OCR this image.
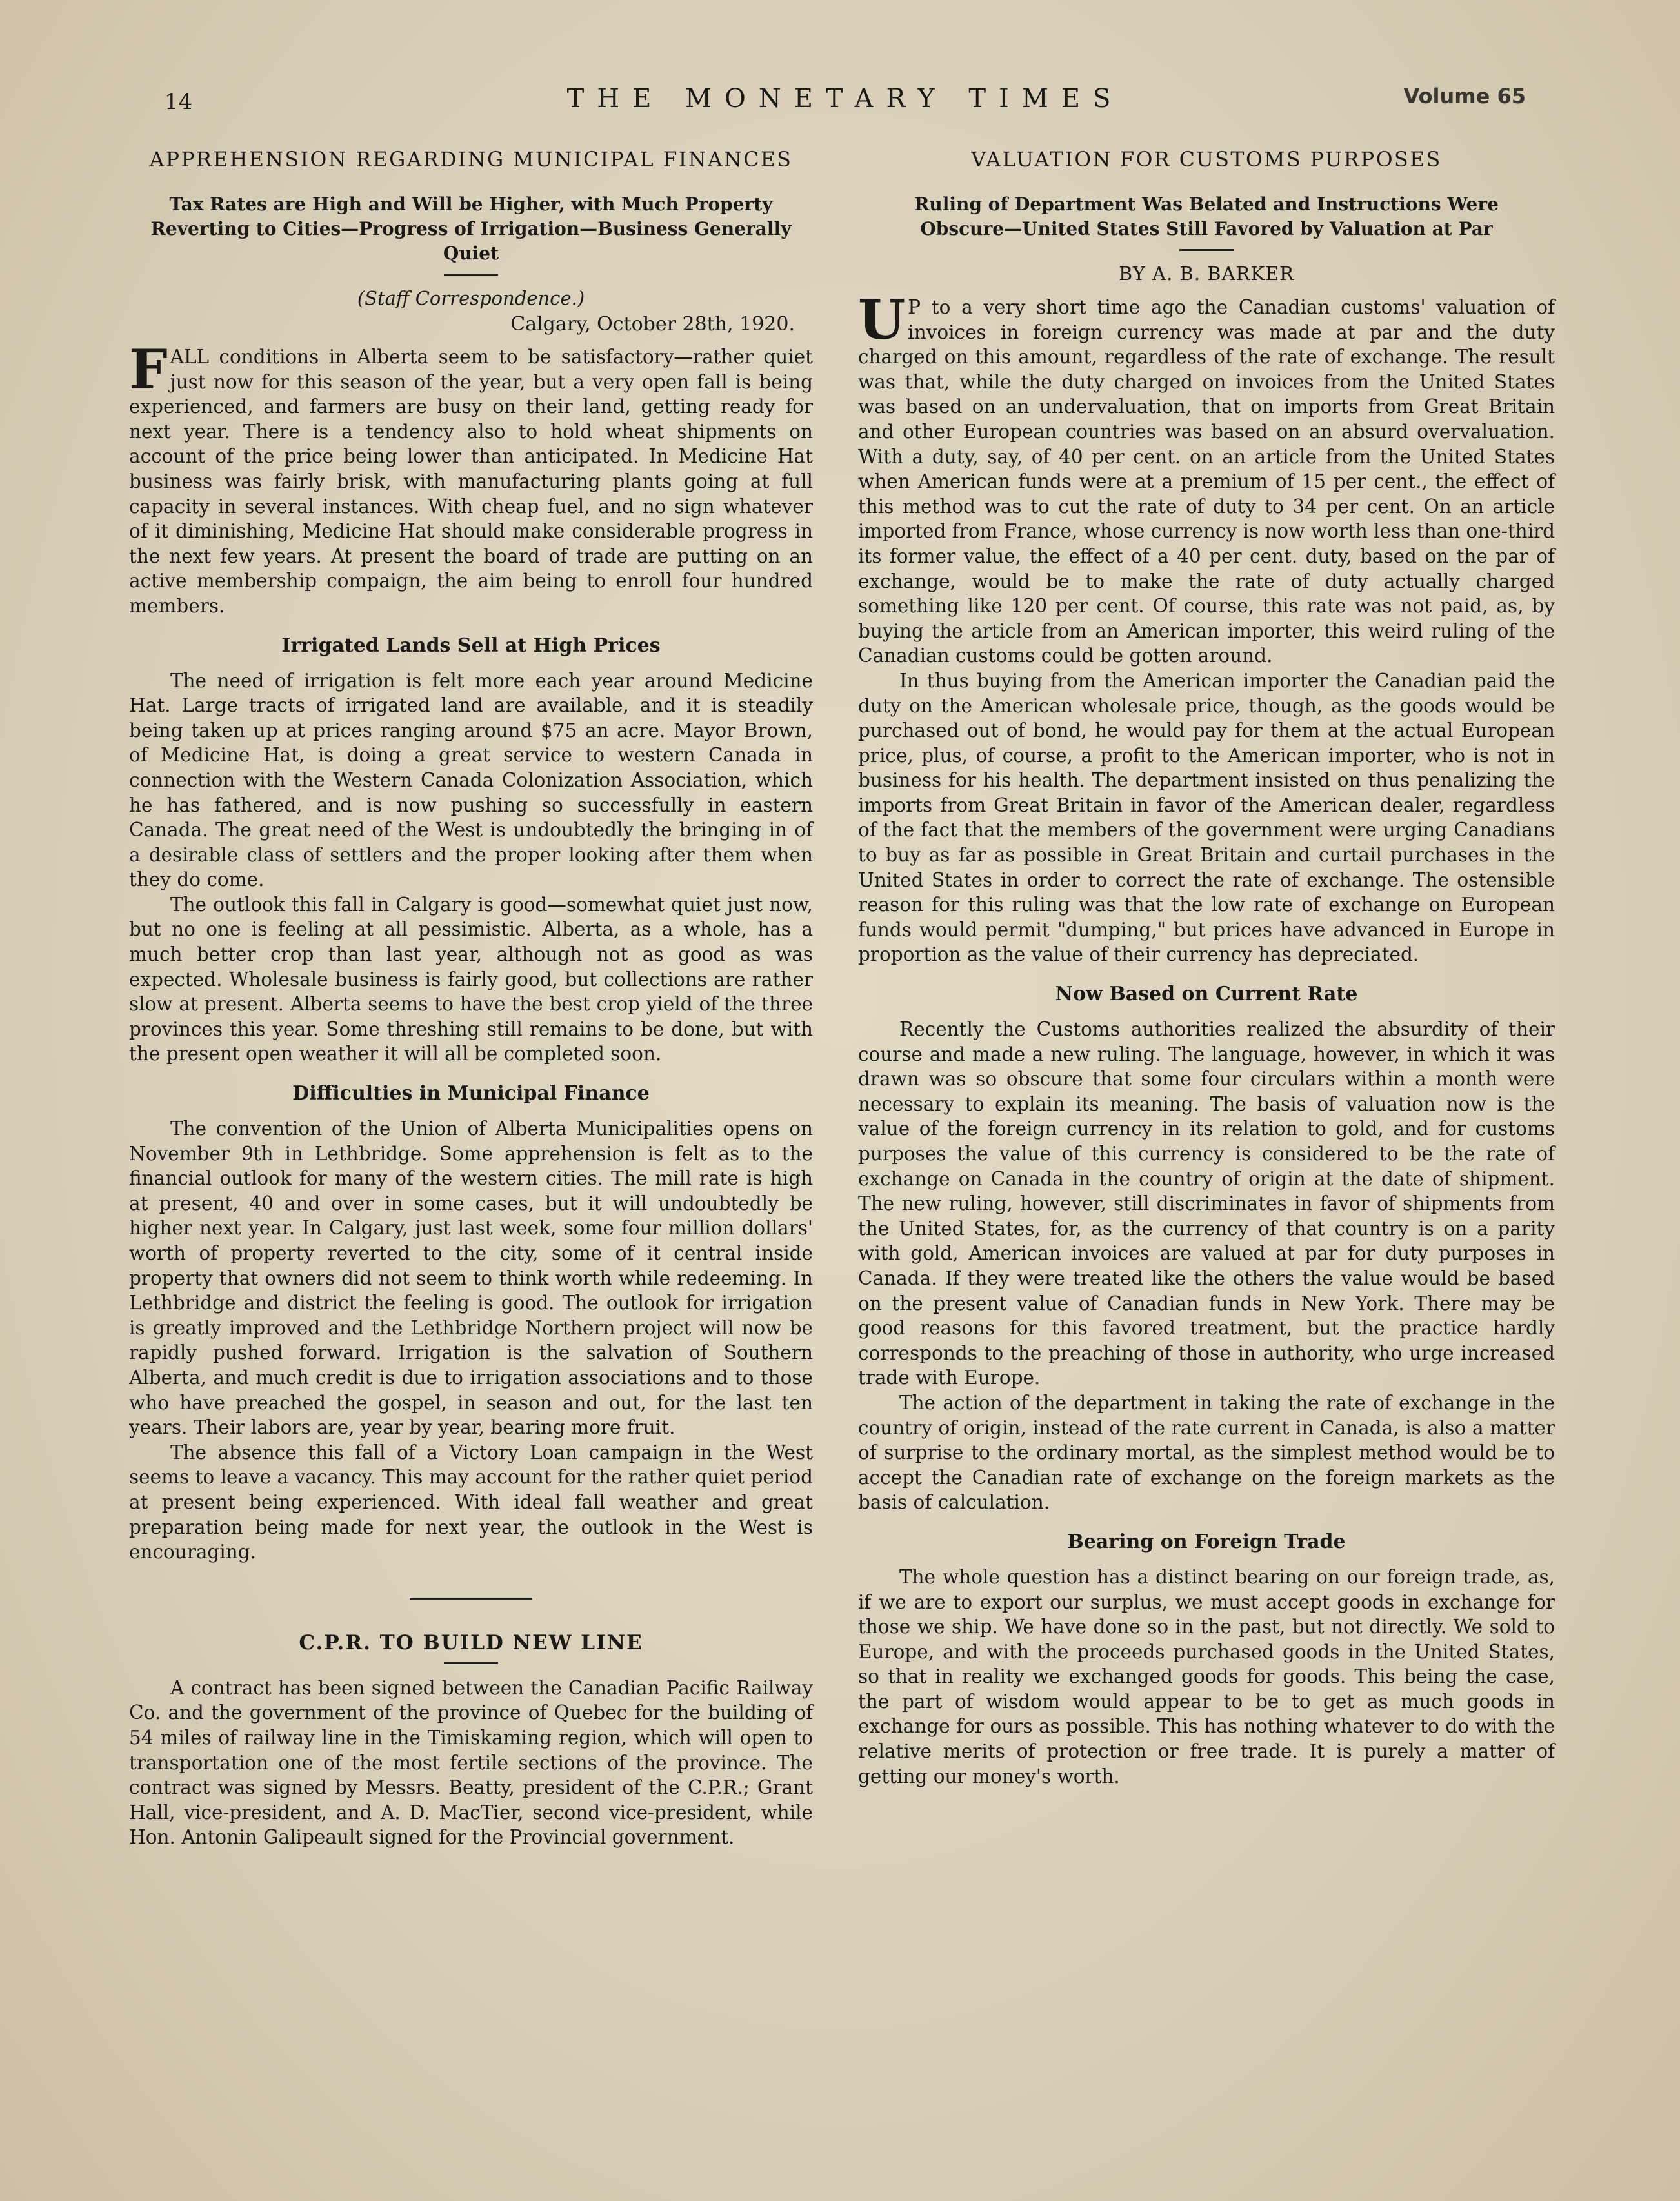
14	THE MONETARY TIMES	Volume 65
APPREHENSION REGARDING MUNICIPAL FINANCES
Tax Rates are High and Will be Higher, with Much Property Reverting to Cities—Progress of Irrigation—Business Generally Quiet
(Staff Correspondence.)
Calgary, October 28th, 1920.

FALL conditions in Alberta seem to be satisfactory—rather quiet just now for this season of the year, but a very open fall is being experienced, and farmers are busy on their land, getting ready for next year. There is a tendency also to hold wheat shipments on account of the price being lower than anticipated. In Medicine Hat business was fairly brisk, with manufacturing plants going at full capacity in several instances. With cheap fuel, and no sign whatever of it diminishing, Medicine Hat should make considerable progress in the next few years. At present the board of trade are putting on an active membership compaign, the aim being to enroll four hundred members.

Irrigated Lands Sell at High Prices

The need of irrigation is felt more each year around Medicine Hat. Large tracts of irrigated land are available, and it is steadily being taken up at prices ranging around $75 an acre. Mayor Brown, of Medicine Hat, is doing a great service to western Canada in connection with the Western Canada Colonization Association, which he has fathered, and is now pushing so successfully in eastern Canada. The great need of the West is undoubtedly the bringing in of a desirable class of settlers and the proper looking after them when they do come.

The outlook this fall in Calgary is good—somewhat quiet just now, but no one is feeling at all pessimistic. Alberta, as a whole, has a much better crop than last year, although not as good as was expected. Wholesale business is fairly good, but collections are rather slow at present. Alberta seems to have the best crop yield of the three provinces this year. Some threshing still remains to be done, but with the present open weather it will all be completed soon.

Difficulties in Municipal Finance

The convention of the Union of Alberta Municipalities opens on November 9th in Lethbridge. Some apprehension is felt as to the financial outlook for many of the western cities. The mill rate is high at present, 40 and over in some cases, but it will undoubtedly be higher next year. In Calgary, just last week, some four million dollars' worth of property reverted to the city, some of it central inside property that owners did not seem to think worth while redeeming. In Lethbridge and district the feeling is good. The outlook for irrigation is greatly improved and the Lethbridge Northern project will now be rapidly pushed forward. Irrigation is the salvation of Southern Alberta, and much credit is due to irrigation associations and to those who have preached the gospel, in season and out, for the last ten years. Their labors are, year by year, bearing more fruit.

The absence this fall of a Victory Loan campaign in the West seems to leave a vacancy. This may account for the rather quiet period at present being experienced. With ideal fall weather and great preparation being made for next year, the outlook in the West is encouraging.

C.P.R. TO BUILD NEW LINE

A contract has been signed between the Canadian Pacific Railway Co. and the government of the province of Quebec for the building of 54 miles of railway line in the Timiskaming region, which will open to transportation one of the most fertile sections of the province. The contract was signed by Messrs. Beatty, president of the C.P.R.; Grant Hall, vice-president, and A. D. MacTier, second vice-president, while Hon. Antonin Galipeault signed for the Provincial government.

VALUATION FOR CUSTOMS PURPOSES
Ruling of Department Was Belated and Instructions Were Obscure—United States Still Favored by Valuation at Par
BY A. B. BARKER

UP to a very short time ago the Canadian customs' valuation of invoices in foreign currency was made at par and the duty charged on this amount, regardless of the rate of exchange. The result was that, while the duty charged on invoices from the United States was based on an undervaluation, that on imports from Great Britain and other European countries was based on an absurd overvaluation. With a duty, say, of 40 per cent. on an article from the United States when American funds were at a premium of 15 per cent., the effect of this method was to cut the rate of duty to 34 per cent. On an article imported from France, whose currency is now worth less than one-third its former value, the effect of a 40 per cent. duty, based on the par of exchange, would be to make the rate of duty actually charged something like 120 per cent. Of course, this rate was not paid, as, by buying the article from an American importer, this weird ruling of the Canadian customs could be gotten around.

In thus buying from the American importer the Canadian paid the duty on the American wholesale price, though, as the goods would be purchased out of bond, he would pay for them at the actual European price, plus, of course, a profit to the American importer, who is not in business for his health. The department insisted on thus penalizing the imports from Great Britain in favor of the American dealer, regardless of the fact that the members of the government were urging Canadians to buy as far as possible in Great Britain and curtail purchases in the United States in order to correct the rate of exchange. The ostensible reason for this ruling was that the low rate of exchange on European funds would permit "dumping," but prices have advanced in Europe in proportion as the value of their currency has depreciated.

Now Based on Current Rate

Recently the Customs authorities realized the absurdity of their course and made a new ruling. The language, however, in which it was drawn was so obscure that some four circulars within a month were necessary to explain its meaning. The basis of valuation now is the value of the foreign currency in its relation to gold, and for customs purposes the value of this currency is considered to be the rate of exchange on Canada in the country of origin at the date of shipment. The new ruling, however, still discriminates in favor of shipments from the United States, for, as the currency of that country is on a parity with gold, American invoices are valued at par for duty purposes in Canada. If they were treated like the others the value would be based on the present value of Canadian funds in New York. There may be good reasons for this favored treatment, but the practice hardly corresponds to the preaching of those in authority, who urge increased trade with Europe.

The action of the department in taking the rate of exchange in the country of origin, instead of the rate current in Canada, is also a matter of surprise to the ordinary mortal, as the simplest method would be to accept the Canadian rate of exchange on the foreign markets as the basis of calculation.

Bearing on Foreign Trade

The whole question has a distinct bearing on our foreign trade, as, if we are to export our surplus, we must accept goods in exchange for those we ship. We have done so in the past, but not directly. We sold to Europe, and with the proceeds purchased goods in the United States, so that in reality we exchanged goods for goods. This being the case, the part of wisdom would appear to be to get as much goods in exchange for ours as possible. This has nothing whatever to do with the relative merits of protection or free trade. It is purely a matter of getting our money's worth.
